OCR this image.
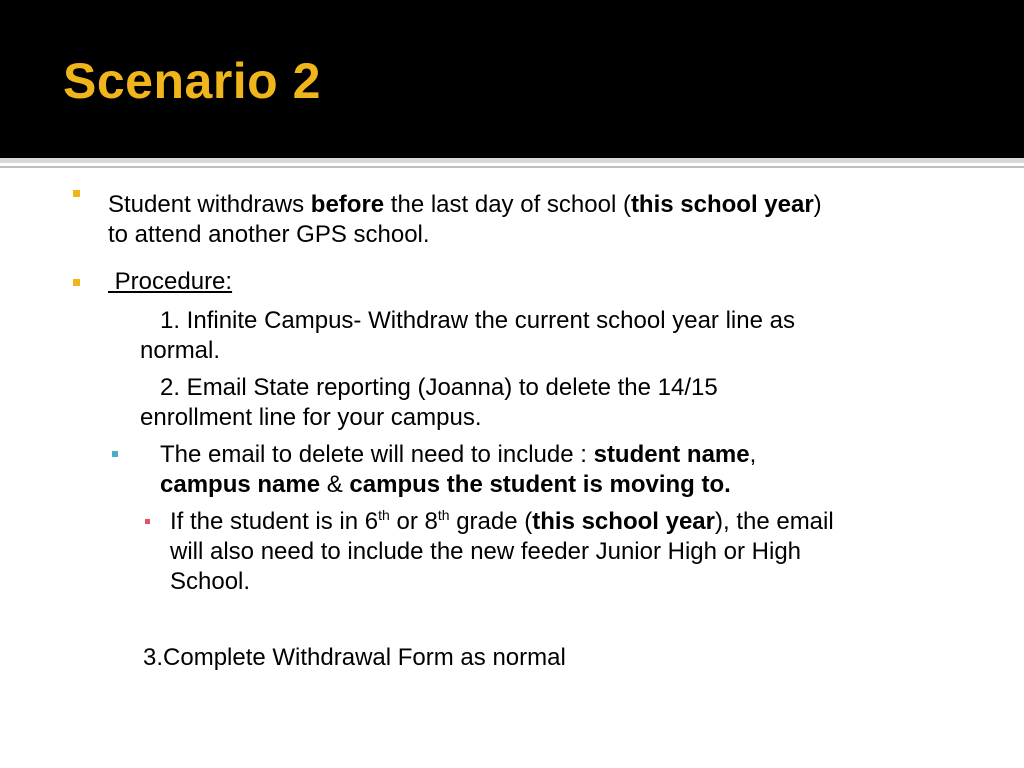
Scenario 2

Student withdraws before the last day of school (this school year)
to attend another GPS school.

Procedure:

1. Infinite Campus- Withdraw the current school year line as
normal.

2. Email State reporting (Joanna) to delete the 14/15
enrollment line for your campus.

The email to delete will need to include : student name,
campus name & campus the student is moving to.

If the student is in 6th or 8th grade (this school year), the email
will also need to include the new feeder Junior High or High
School.

3.Complete Withdrawal Form as normal
